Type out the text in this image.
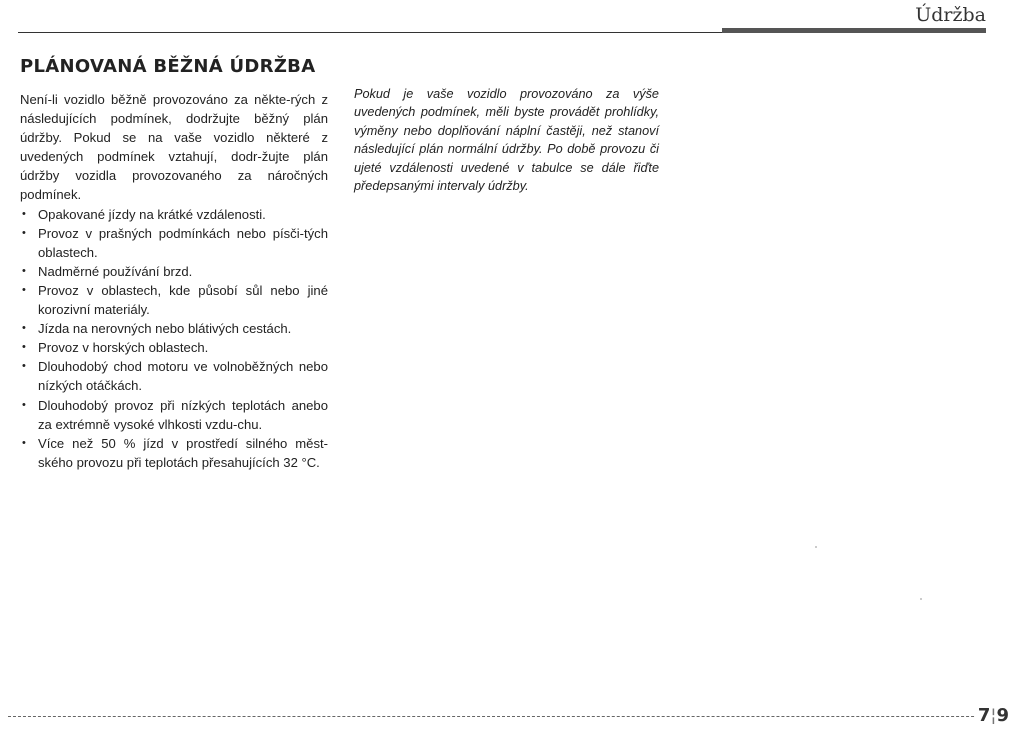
Údržba
PLÁNOVANÁ BĚŽNÁ ÚDRŽBA

Není-li vozidlo běžně provozováno za někte-rých z následujících podmínek, dodržujte běžný plán údržby. Pokud se na vaše vozidlo některé z uvedených podmínek vztahují, dodr-žujte plán údržby vozidla provozovaného za náročných podmínek.

• Opakované jízdy na krátké vzdálenosti.
• Provoz v prašných podmínkách nebo písči-tých oblastech.
• Nadměrné používání brzd.
• Provoz v oblastech, kde působí sůl nebo jiné korozivní materiály.
• Jízda na nerovných nebo blátivých cestách.
• Provoz v horských oblastech.
• Dlouhodobý chod motoru ve volnoběžných nebo nízkých otáčkách.
• Dlouhodobý provoz při nízkých teplotách anebo za extrémně vysoké vlhkosti vzdu-chu.
• Více než 50 % jízd v prostředí silného měst-ského provozu při teplotách přesahujících 32 °C.

Pokud je vaše vozidlo provozováno za výše uvedených podmínek, měli byste provádět prohlídky, výměny nebo doplňování náplní častěji, než stanoví následující plán normální údržby. Po době provozu či ujeté vzdálenosti uvedené v tabulce se dále řiďte předepsanými intervaly údržby.

7¦9
